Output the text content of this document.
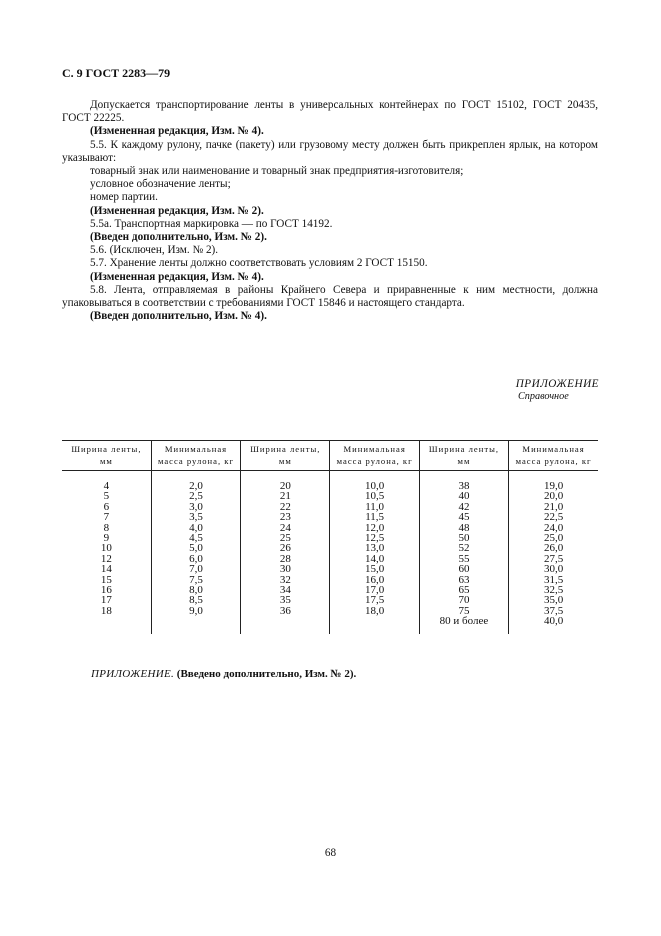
С. 9 ГОСТ 2283—79

Допускается транспортирование ленты в универсальных контейнерах по ГОСТ 15102, ГОСТ 20435, ГОСТ 22225.

(Измененная редакция, Изм. № 4).

5.5. К каждому рулону, пачке (пакету) или грузовому месту должен быть прикреплен ярлык, на котором указывают:

товарный знак или наименование и товарный знак предприятия-изготовителя;

условное обозначение ленты;

номер партии.

(Измененная редакция, Изм. № 2).

5.5а. Транспортная маркировка — по ГОСТ 14192.

(Введен дополнительно, Изм. № 2).

5.6. (Исключен, Изм. № 2).

5.7. Хранение ленты должно соответствовать условиям 2 ГОСТ 15150.

(Измененная редакция, Изм. № 4).

5.8. Лента, отправляемая в районы Крайнего Севера и приравненные к ним местности, должна упаковываться в соответствии с требованиями ГОСТ 15846 и настоящего стандарта.

(Введен дополнительно, Изм. № 4).

ПРИЛОЖЕНИЕ
Справочное
Ширина ленты,
мм	Минимальная
масса рулона, кг	Ширина ленты,
мм	Минимальная
масса рулона, кг	Ширина ленты,
мм	Минимальная
масса рулона, кг

4	2,0	20	10,0	38	19,0
5	2,5	21	10,5	40	20,0
6	3,0	22	11,0	42	21,0
7	3,5	23	11,5	45	22,5
8	4,0	24	12,0	48	24,0
9	4,5	25	12,5	50	25,0
10	5,0	26	13,0	52	26,0
12	6,0	28	14,0	55	27,5
14	7,0	30	15,0	60	30,0
15	7,5	32	16,0	63	31,5
16	8,0	34	17,0	65	32,5
17	8,5	35	17,5	70	35,0
18	9,0	36	18,0	75	37,5
				80 и более	40,0

ПРИЛОЖЕНИЕ. (Введено дополнительно, Изм. № 2).
68
